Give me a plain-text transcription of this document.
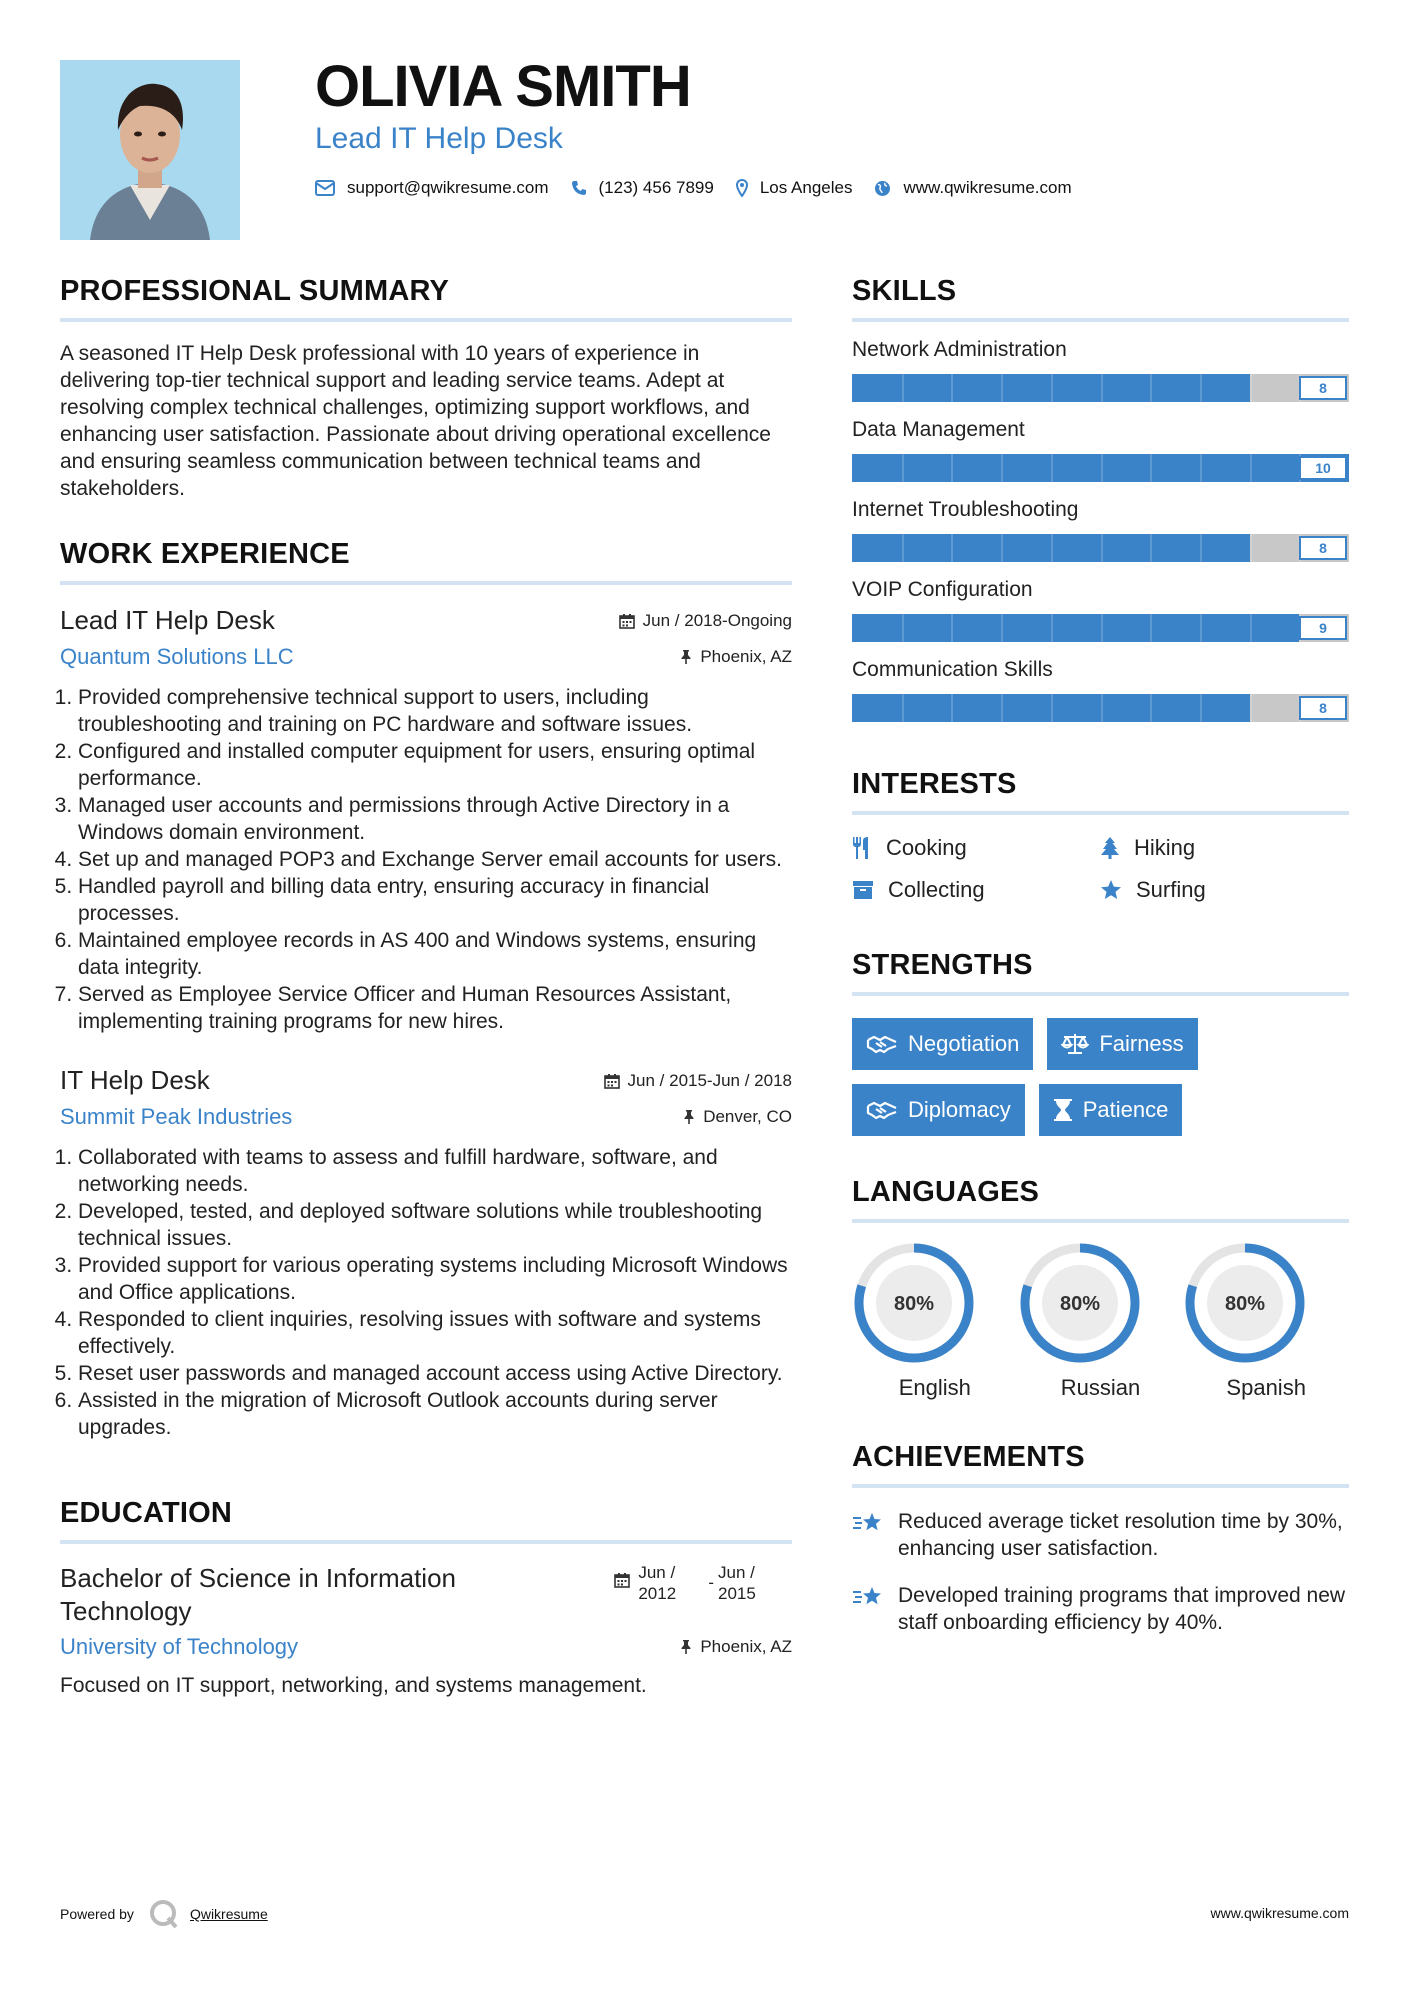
OLIVIA SMITH
Lead IT Help Desk
support@qwikresume.com	(123) 456 7899	Los Angeles	www.qwikresume.com
PROFESSIONAL SUMMARY
A seasoned IT Help Desk professional with 10 years of experience in delivering top-tier technical support and leading service teams. Adept at resolving complex technical challenges, optimizing support workflows, and enhancing user satisfaction. Passionate about driving operational excellence and ensuring seamless communication between technical teams and stakeholders.
WORK EXPERIENCE
Lead IT Help Desk	Jun / 2018-Ongoing
Quantum Solutions LLC	Phoenix, AZ
1. Provided comprehensive technical support to users, including troubleshooting and training on PC hardware and software issues.
2. Configured and installed computer equipment for users, ensuring optimal performance.
3. Managed user accounts and permissions through Active Directory in a Windows domain environment.
4. Set up and managed POP3 and Exchange Server email accounts for users.
5. Handled payroll and billing data entry, ensuring accuracy in financial processes.
6. Maintained employee records in AS 400 and Windows systems, ensuring data integrity.
7. Served as Employee Service Officer and Human Resources Assistant, implementing training programs for new hires.
IT Help Desk	Jun / 2015-Jun / 2018
Summit Peak Industries	Denver, CO
1. Collaborated with teams to assess and fulfill hardware, software, and networking needs.
2. Developed, tested, and deployed software solutions while troubleshooting technical issues.
3. Provided support for various operating systems including Microsoft Windows and Office applications.
4. Responded to client inquiries, resolving issues with software and systems effectively.
5. Reset user passwords and managed account access using Active Directory.
6. Assisted in the migration of Microsoft Outlook accounts during server upgrades.
EDUCATION
Bachelor of Science in Information Technology
Jun / 2012
-
Jun / 2015
University of Technology	Phoenix, AZ
Focused on IT support, networking, and systems management.
SKILLS
Network Administration
8
Data Management
10
Internet Troubleshooting
8
VOIP Configuration
9
Communication Skills
8
INTERESTS
Cooking	Hiking
Collecting	Surfing
STRENGTHS
Negotiation	Fairness
Diplomacy	Patience
LANGUAGES
80%
English
80%
Russian
80%
Spanish
ACHIEVEMENTS
Reduced average ticket resolution time by 30%, enhancing user satisfaction.
Developed training programs that improved new staff onboarding efficiency by 40%.
Powered by	Qwikresume	www.qwikresume.com
